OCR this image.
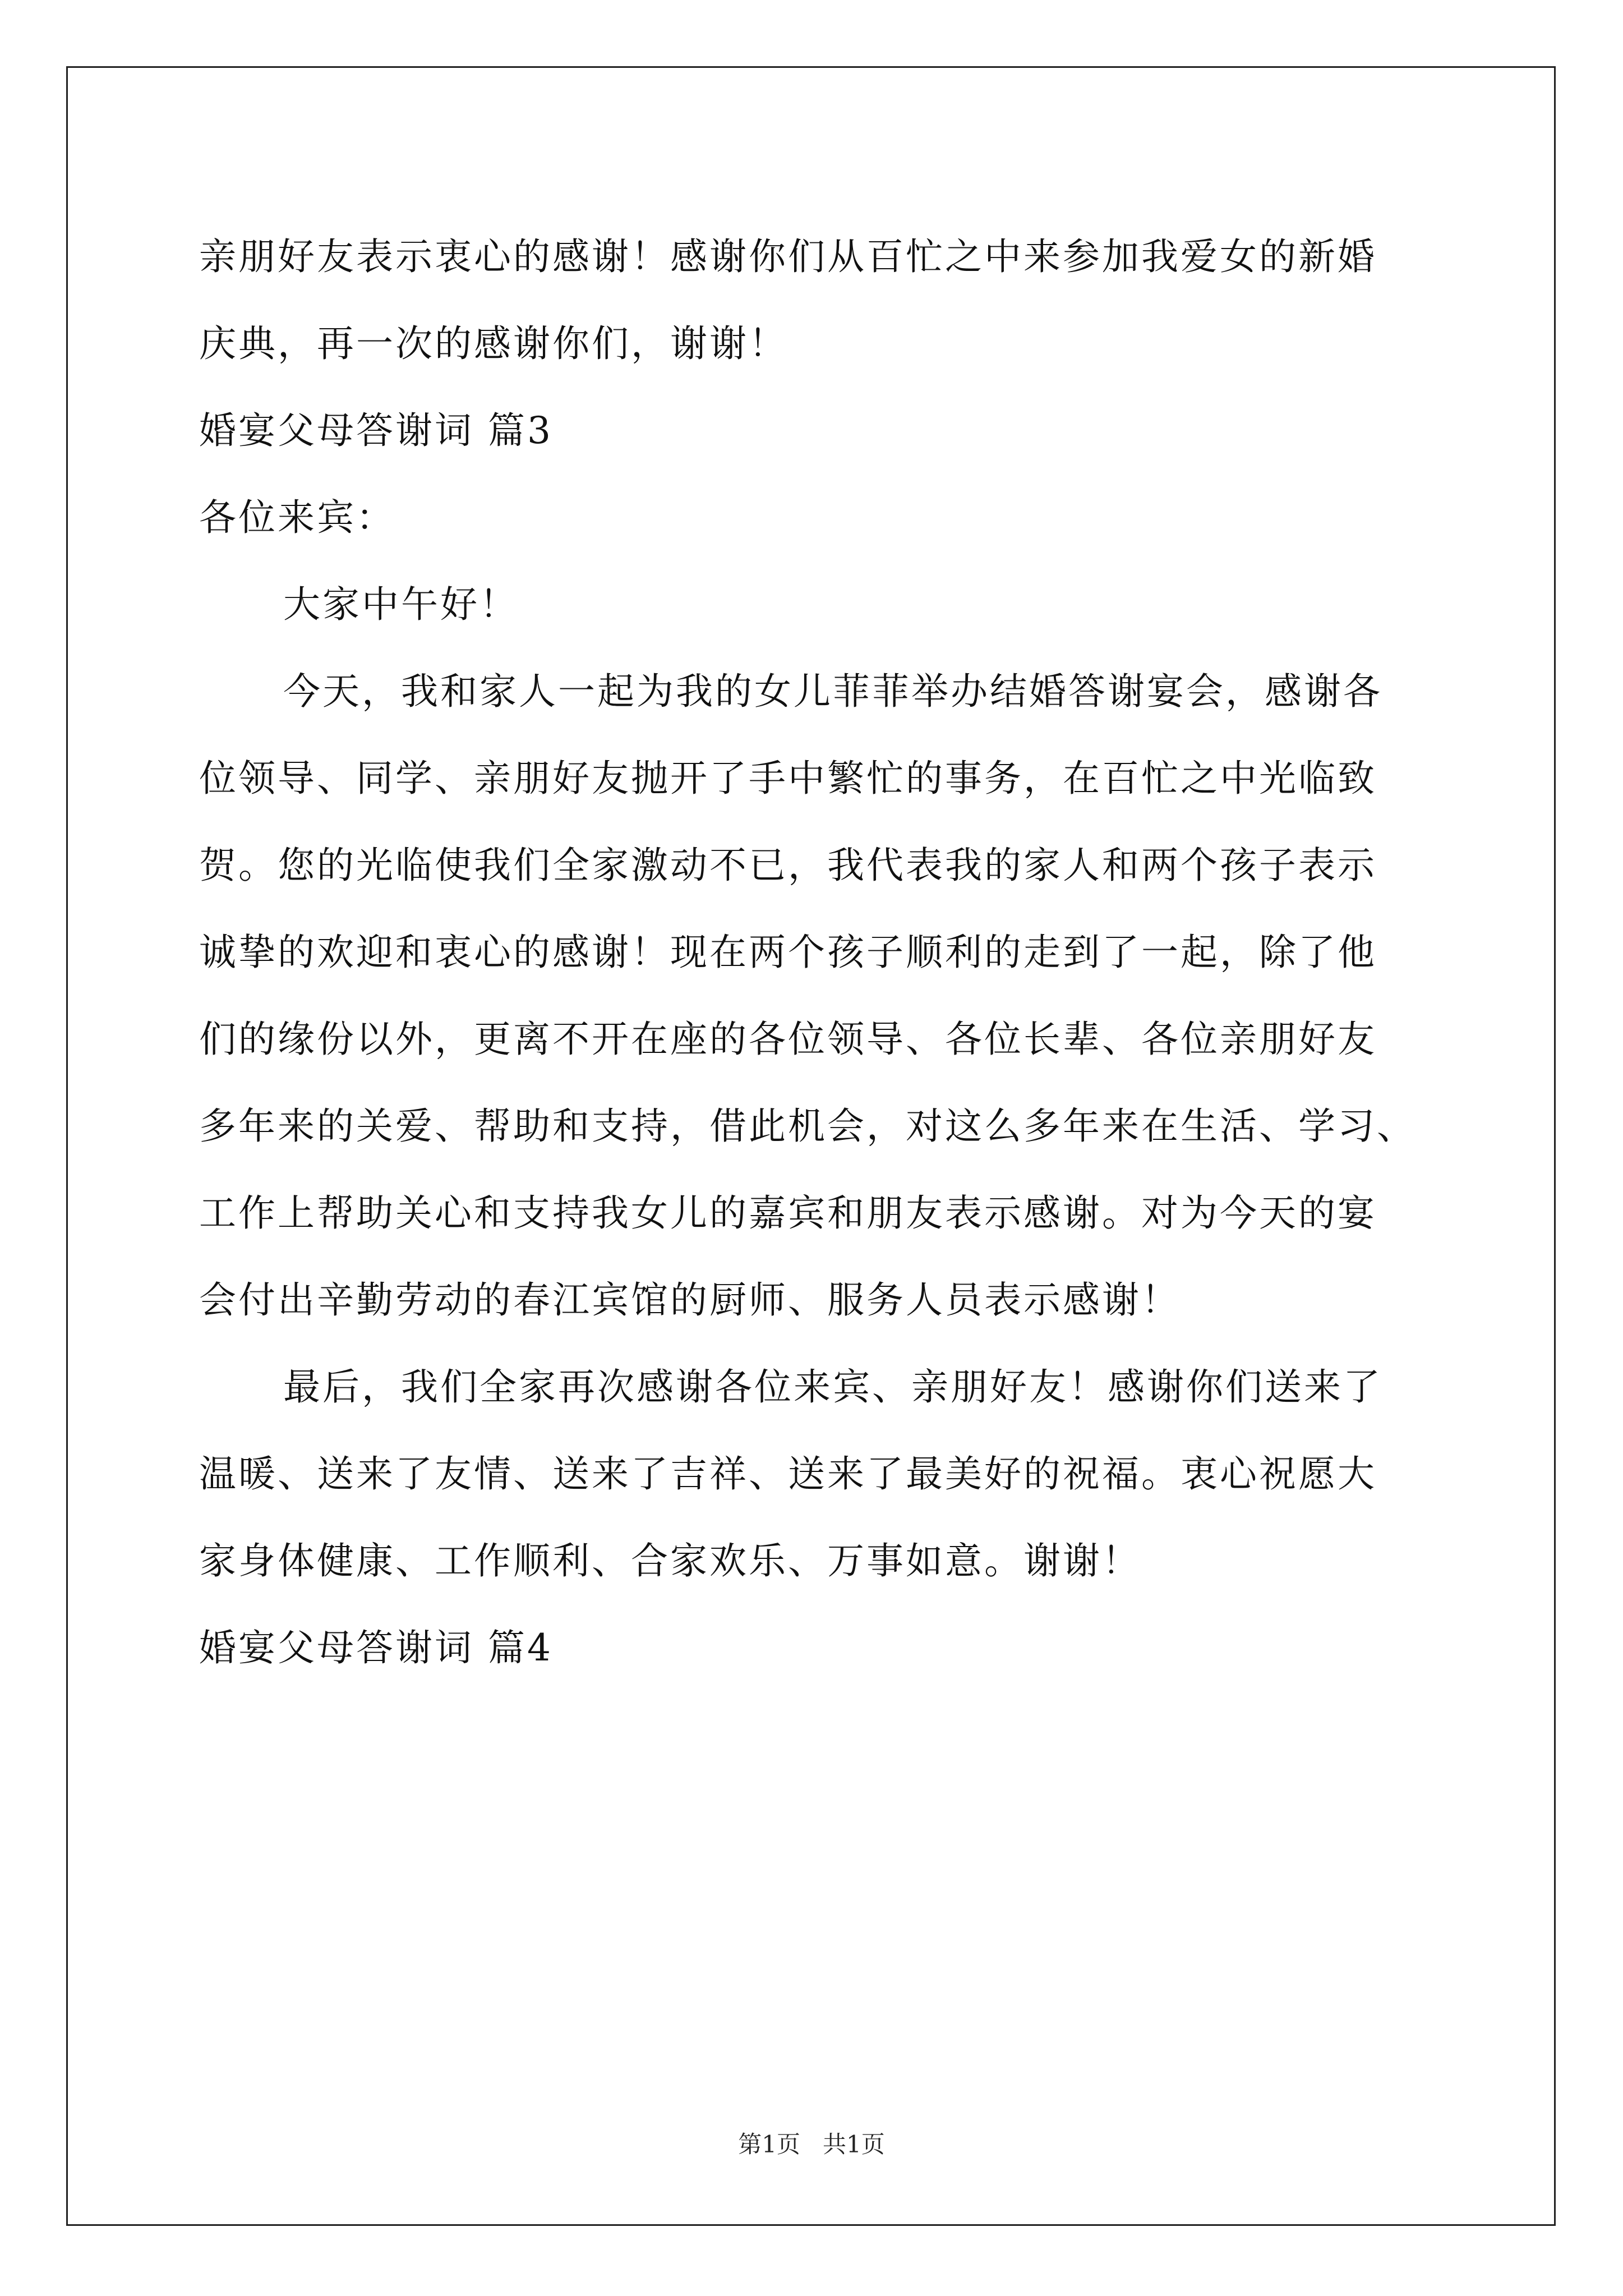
亲朋好友表示衷心的感谢！感谢你们从百忙之中来参加我爱女的新婚
庆典，再一次的感谢你们，谢谢！
婚宴父母答谢词 篇3
各位来宾：
大家中午好！
今天，我和家人一起为我的女儿菲菲举办结婚答谢宴会，感谢各
位领导、同学、亲朋好友抛开了手中繁忙的事务，在百忙之中光临致
贺。您的光临使我们全家激动不已，我代表我的家人和两个孩子表示
诚挚的欢迎和衷心的感谢！现在两个孩子顺利的走到了一起，除了他
们的缘份以外，更离不开在座的各位领导、各位长辈、各位亲朋好友
多年来的关爱、帮助和支持，借此机会，对这么多年来在生活、学习、
工作上帮助关心和支持我女儿的嘉宾和朋友表示感谢。对为今天的宴
会付出辛勤劳动的春江宾馆的厨师、服务人员表示感谢！
最后，我们全家再次感谢各位来宾、亲朋好友！感谢你们送来了
温暖、送来了友情、送来了吉祥、送来了最美好的祝福。衷心祝愿大
家身体健康、工作顺利、合家欢乐、万事如意。谢谢！
婚宴父母答谢词 篇4
第1页 共1页
